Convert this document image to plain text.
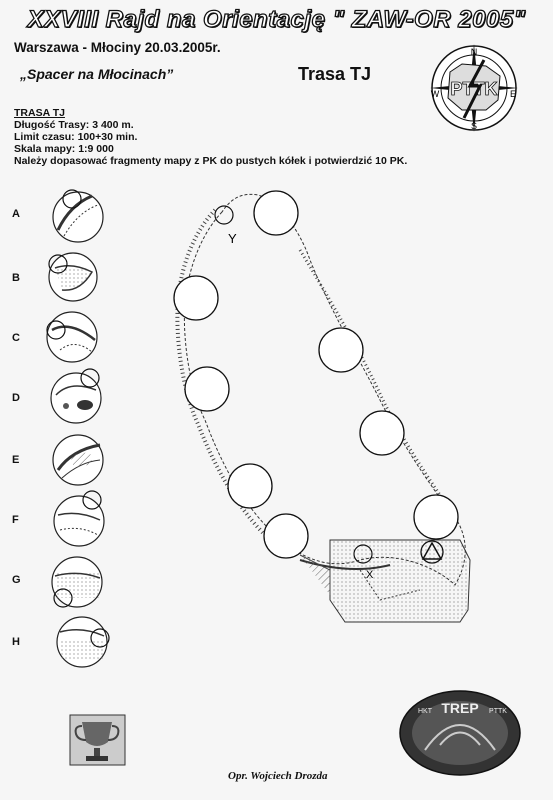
XXVIII Rajd na Orientację " ZAW-OR 2005"
Warszawa - Młociny 20.03.2005r.
„Spacer na Młocinach”	Trasa TJ
TRASA TJ
Długość Trasy: 3 400 m.
Limit czasu: 100+30 min.
Skala mapy: 1:9 000
Należy dopasować fragmenty mapy z PK do pustych kółek i potwierdzić 10 PK.
A
B
C
D
E
F
G
H
N
E
S
W PTTK
Y
X
TREP
HKT	PTTK
Opr. Wojciech Drozda
